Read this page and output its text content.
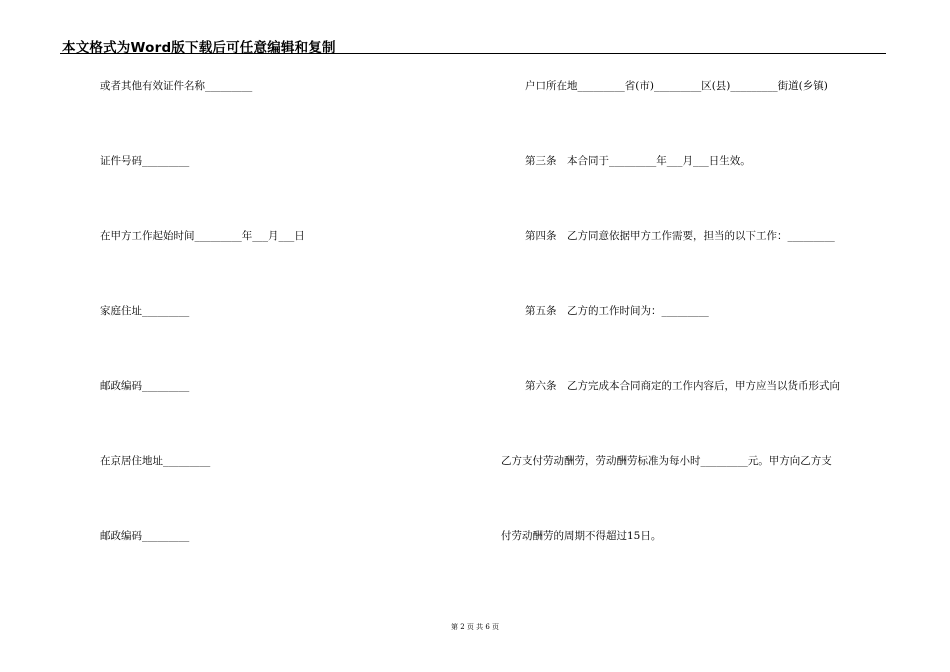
本文格式为Word版下载后可任意编辑和复制
或者其他有效证件名称_________
证件号码_________
在甲方工作起始时间_________年___月___日
家庭住址_________
邮政编码_________
在京居住地址_________
邮政编码_________
户口所在地_________省(市)_________区(县)_________街道(乡镇)
第三条　本合同于_________年___月___日生效。
第四条　乙方同意依据甲方工作需要，担当的以下工作：_________
第五条　乙方的工作时间为：_________
第六条　乙方完成本合同商定的工作内容后，甲方应当以货币形式向
乙方支付劳动酬劳，劳动酬劳标准为每小时_________元。甲方向乙方支
付劳动酬劳的周期不得超过15日。
第 2 页 共 6 页
